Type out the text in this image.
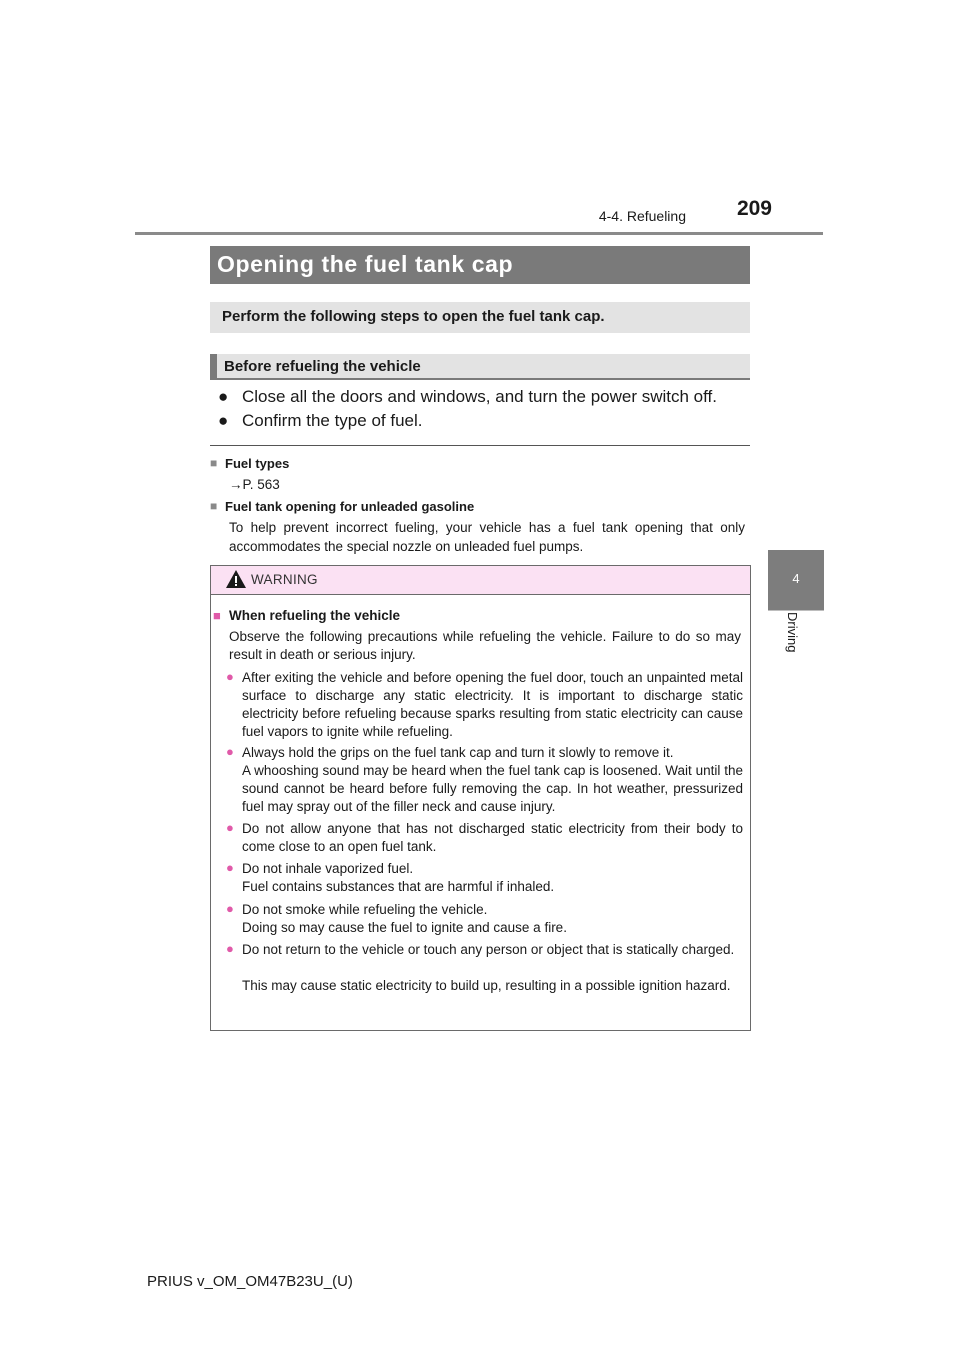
209
4-4. Refueling
4
Driving
Opening the fuel tank cap
Perform the following steps to open the fuel tank cap.
Before refueling the vehicle
● Close all the doors and windows, and turn the power switch off.
● Confirm the type of fuel.
■ Fuel types
→P. 563
■ Fuel tank opening for unleaded gasoline
To help prevent incorrect fueling, your vehicle has a fuel tank opening that only accommodates the special nozzle on unleaded fuel pumps.
WARNING
■ When refueling the vehicle
Observe the following precautions while refueling the vehicle. Failure to do so may result in death or serious injury.
● After exiting the vehicle and before opening the fuel door, touch an unpainted metal surface to discharge any static electricity. It is important to discharge static electricity before refueling because sparks resulting from static electricity can cause fuel vapors to ignite while refueling.
● Always hold the grips on the fuel tank cap and turn it slowly to remove it.
A whooshing sound may be heard when the fuel tank cap is loosened. Wait until the sound cannot be heard before fully removing the cap. In hot weather, pressurized fuel may spray out of the filler neck and cause injury.
● Do not allow anyone that has not discharged static electricity from their body to come close to an open fuel tank.
● Do not inhale vaporized fuel.
Fuel contains substances that are harmful if inhaled.
● Do not smoke while refueling the vehicle.
Doing so may cause the fuel to ignite and cause a fire.
● Do not return to the vehicle or touch any person or object that is statically charged.
This may cause static electricity to build up, resulting in a possible ignition hazard.
PRIUS v_OM_OM47B23U_(U)
